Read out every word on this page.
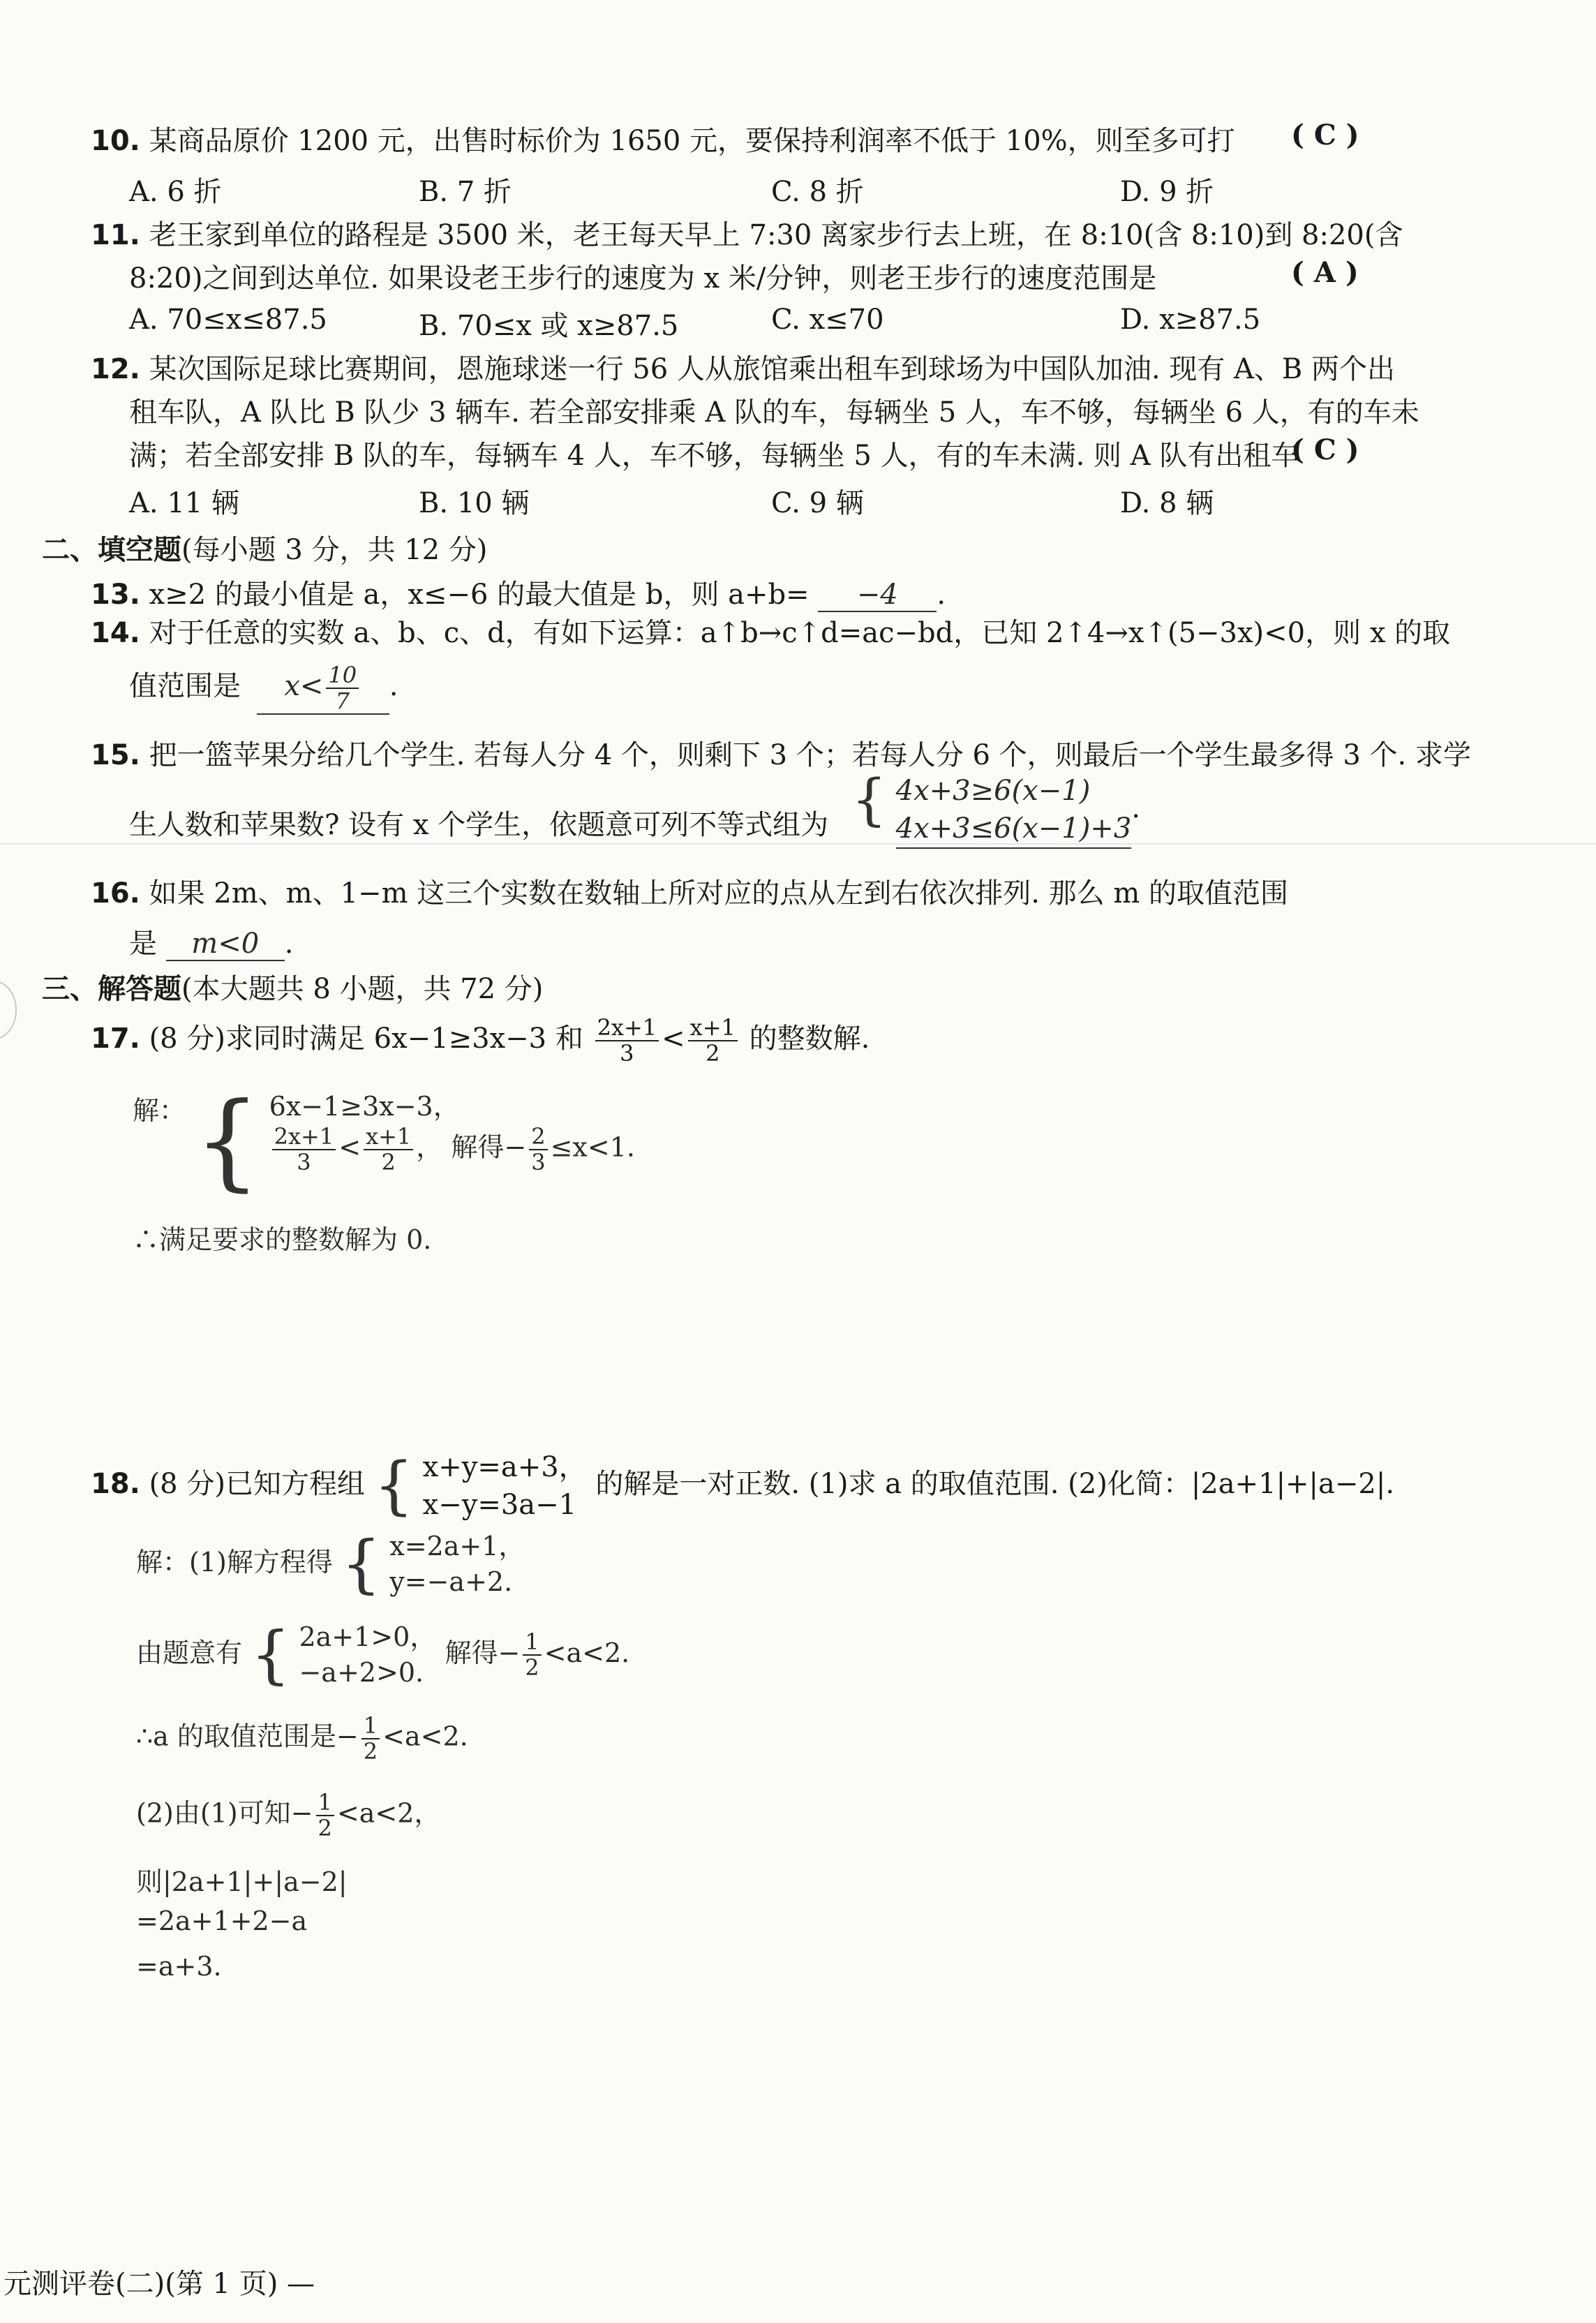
10. 某商品原价 1200 元，出售时标价为 1650 元，要保持利润率不低于 10%，则至多可打 ( C )
A. 6 折	B. 7 折	C. 8 折	D. 9 折
11. 老王家到单位的路程是 3500 米，老王每天早上 7:30 离家步行去上班，在 8:10(含 8:10)到 8:20(含
8:20)之间到达单位. 如果设老王步行的速度为 x 米/分钟，则老王步行的速度范围是	( A )
A. 70≤x≤87.5	B. 70≤x 或 x≥87.5	C. x≤70	D. x≥87.5
12. 某次国际足球比赛期间，恩施球迷一行 56 人从旅馆乘出租车到球场为中国队加油. 现有 A、B 两个出
租车队，A 队比 B 队少 3 辆车. 若全部安排乘 A 队的车，每辆坐 5 人，车不够，每辆坐 6 人，有的车未
满；若全部安排 B 队的车，每辆车 4 人，车不够，每辆坐 5 人，有的车未满. 则 A 队有出租车
( C )
A. 11 辆	B. 10 辆	C. 9 辆	D. 8 辆
二、填空题(每小题 3 分，共 12 分)
13. x≥2 的最小值是 a，x≤−6 的最大值是 b，则 a+b= −4 .
14. 对于任意的实数 a、b、c、d，有如下运算：a↑b→c↑d=ac−bd，已知 2↑4→x↑(5−3x)<0，则 x 的取
值范围是 $x< \frac{10}{7}$ .
15. 把一篮苹果分给几个学生. 若每人分 4 个，则剩下 3 个；若每人分 6 个，则最后一个学生最多得 3 个. 求学
生人数和苹果数? 设有 x 个学生，依题意可列不等式组为 { 4x+3≥6(x−1)
4x+3≤6(x−1)+3
.
16. 如果 2m、m、1−m 这三个实数在数轴上所对应的点从左到右依次排列. 那么 m 的取值范围
是 m<0 .
三、解答题(本大题共 8 小题，共 72 分)
17. (8 分)求同时满足 6x−1≥3x−3 和 $\frac{2x+1}{3} < \frac{x+1}{2}$ 的整数解.
解： { 6x−1≥3x−3，
$\frac{2x+1}{3} < \frac{x+1}{2}$ ， 解得− $\frac{2}{3} \le x<1$.
∴满足要求的整数解为 0.
18. (8 分)已知方程组 { x+y=a+3，
x−y=3a−1
的解是一对正数. (1)求 a 的取值范围. (2)化简：|2a+1|+|a−2|.
解：(1)解方程得 { x=2a+1，
y=−a+2.
由题意有 { 2a+1>0，
−a+2>0.
解得− $\frac{1}{2} <a<2$.
∴a 的取值范围是− $\frac{1}{2} <a<2$.
(2)由(1)可知− $\frac{1}{2} <a<2$，
则|2a+1|+|a−2|
=2a+1+2−a
=a+3.
元测评卷(二)(第 1 页) —
